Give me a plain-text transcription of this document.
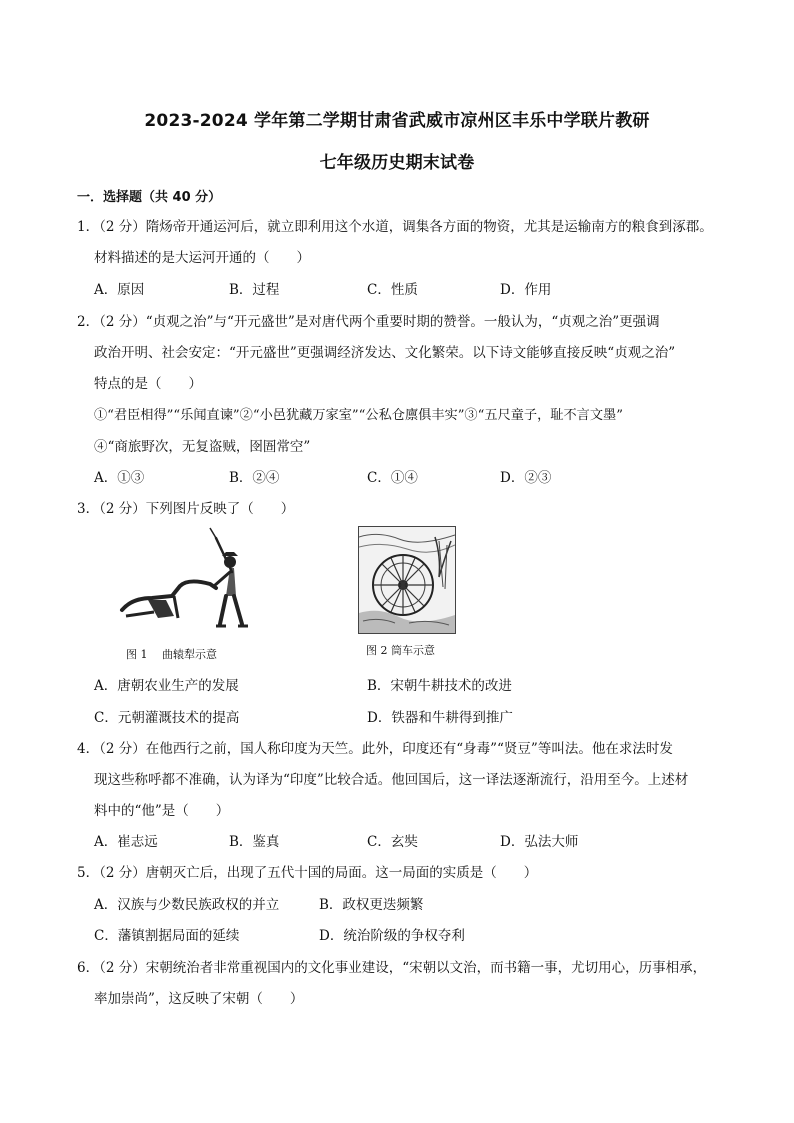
2023-2024 学年第二学期甘肃省武威市凉州区丰乐中学联片教研
七年级历史期末试卷
一．选择题（共 40 分）
1．（2 分）隋炀帝开通运河后，就立即利用这个水道，调集各方面的物资，尤其是运输南方的粮食到涿郡。
材料描述的是大运河开通的（　　）
A．原因	B．过程	C．性质	D．作用
2．（2 分）“贞观之治”与“开元盛世”是对唐代两个重要时期的赞誉。一般认为，“贞观之治”更强调
政治开明、社会安定：“开元盛世”更强调经济发达、文化繁荣。以下诗文能够直接反映“贞观之治”
特点的是（　　）
①“君臣相得”“乐闻直谏”②“小邑犹藏万家室”“公私仓廪俱丰实”③“五尺童子，耻不言文墨”
④“商旅野次，无复盗贼，囹圄常空”
A．①③	B．②④	C．①④	D．②③
3．（2 分）下列图片反映了（　　）
图 1　 曲辕犁示意	图 2 筒车示意
A．唐朝农业生产的发展	B．宋朝牛耕技术的改进
C．元朝灌溉技术的提高	D．铁器和牛耕得到推广
4．（2 分）在他西行之前，国人称印度为天竺。此外，印度还有“身毒”“贤豆”等叫法。他在求法时发
现这些称呼都不准确，认为译为“印度”比较合适。他回国后，这一译法逐渐流行，沿用至今。上述材
料中的“他”是（　　）
A．崔志远	B．鉴真	C．玄奘	D．弘法大师
5．（2 分）唐朝灭亡后，出现了五代十国的局面。这一局面的实质是（　　）
A．汉族与少数民族政权的并立	B．政权更迭频繁
C．藩镇割据局面的延续	D．统治阶级的争权夺利
6．（2 分）宋朝统治者非常重视国内的文化事业建设，“宋朝以文治，而书籍一事，尤切用心，历事相承，
率加崇尚”，这反映了宋朝（　　）
